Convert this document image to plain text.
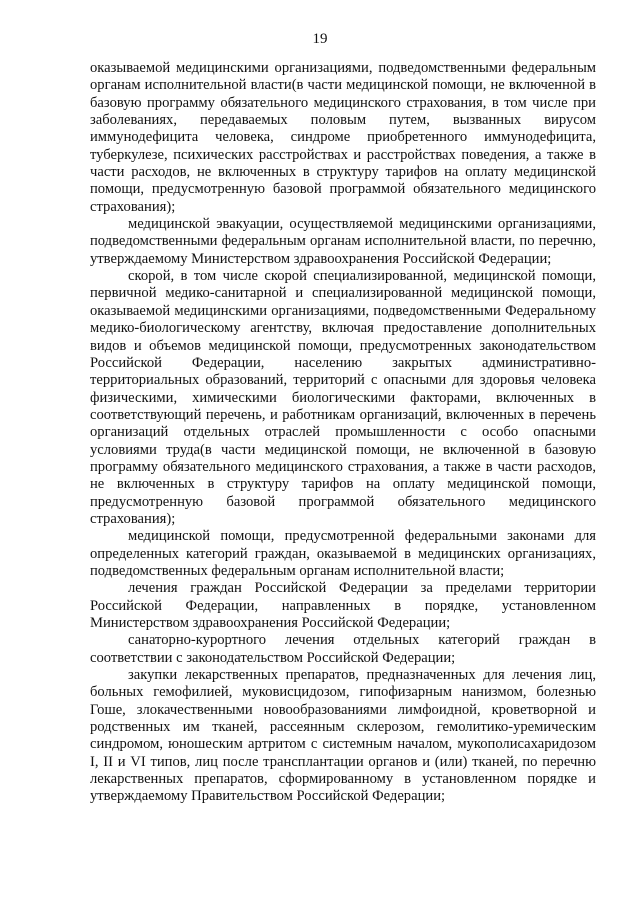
19

оказываемой медицинскими организациями, подведомственными федеральным органам исполнительной власти(в части медицинской помощи, не включенной в базовую программу обязательного медицинского страхования, в том числе при заболеваниях, передаваемых половым путем, вызванных вирусом иммунодефицита человека, синдроме приобретенного иммунодефицита, туберкулезе, психических расстройствах и расстройствах поведения, а также в части расходов, не включенных в структуру тарифов на оплату медицинской помощи, предусмотренную базовой программой обязательного медицинского страхования);

медицинской эвакуации, осуществляемой медицинскими организациями, подведомственными федеральным органам исполнительной власти, по перечню, утверждаемому Министерством здравоохранения Российской Федерации;

скорой, в том числе скорой специализированной, медицинской помощи, первичной медико-санитарной и специализированной медицинской помощи, оказываемой медицинскими организациями, подведомственными Федеральному медико-биологическому агентству, включая предоставление дополнительных видов и объемов медицинской помощи, предусмотренных законодательством Российской Федерации, населению закрытых административно-территориальных образований, территорий с опасными для здоровья человека физическими, химическими биологическими факторами, включенных в соответствующий перечень, и работникам организаций, включенных в перечень организаций отдельных отраслей промышленности с особо опасными условиями труда(в части медицинской помощи, не включенной в базовую программу обязательного медицинского страхования, а также в части расходов, не включенных в структуру тарифов на оплату медицинской помощи, предусмотренную базовой программой обязательного медицинского страхования);

медицинской помощи, предусмотренной федеральными законами для определенных категорий граждан, оказываемой в медицинских организациях, подведомственных федеральным органам исполнительной власти;

лечения граждан Российской Федерации за пределами территории Российской Федерации, направленных в порядке, установленном Министерством здравоохранения Российской Федерации;

санаторно-курортного лечения отдельных категорий граждан в соответствии с законодательством Российской Федерации;

закупки лекарственных препаратов, предназначенных для лечения лиц, больных гемофилией, муковисцидозом, гипофизарным нанизмом, болезнью Гоше, злокачественными новообразованиями лимфоидной, кроветворной и родственных им тканей, рассеянным склерозом, гемолитико-уремическим синдромом, юношеским артритом с системным началом, мукополисахаридозом I, II и VI типов, лиц после трансплантации органов и (или) тканей, по перечню лекарственных препаратов, сформированному в установленном порядке и утверждаемому Правительством Российской Федерации;
